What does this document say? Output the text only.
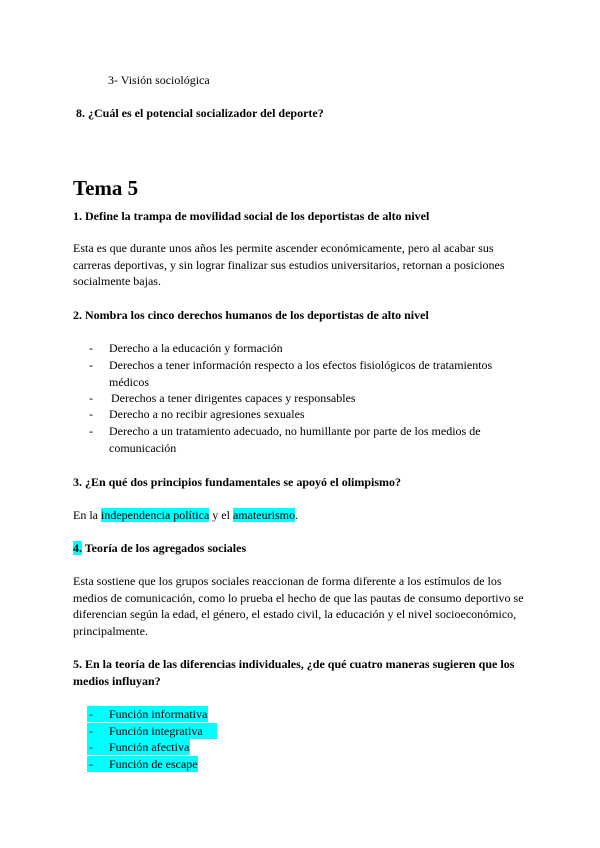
3- Visión sociológica
8. ¿Cuál es el potencial socializador del deporte?
Tema 5
1. Define la trampa de movilidad social de los deportistas de alto nivel
Esta es que durante unos años les permite ascender económicamente, pero al acabar sus carreras deportivas, y sin lograr finalizar sus estudios universitarios, retornan a posiciones socialmente bajas.
2. Nombra los cinco derechos humanos de los deportistas de alto nivel
- Derecho a la educación y formación
- Derechos a tener información respecto a los efectos fisiológicos de tratamientos médicos
- Derechos a tener dirigentes capaces y responsables
- Derecho a no recibir agresiones sexuales
- Derecho a un tratamiento adecuado, no humillante por parte de los medios de comunicación
3. ¿En qué dos principios fundamentales se apoyó el olimpismo?
En la independencia política y el amateurismo.
4. Teoría de los agregados sociales
Esta sostiene que los grupos sociales reaccionan de forma diferente a los estímulos de los medios de comunicación, como lo prueba el hecho de que las pautas de consumo deportivo se diferencian según la edad, el género, el estado civil, la educación y el nivel socioeconómico, principalmente.
5. En la teoría de las diferencias individuales, ¿de qué cuatro maneras sugieren que los medios influyan?
- Función informativa
- Función integrativa
- Función afectiva
- Función de escape
